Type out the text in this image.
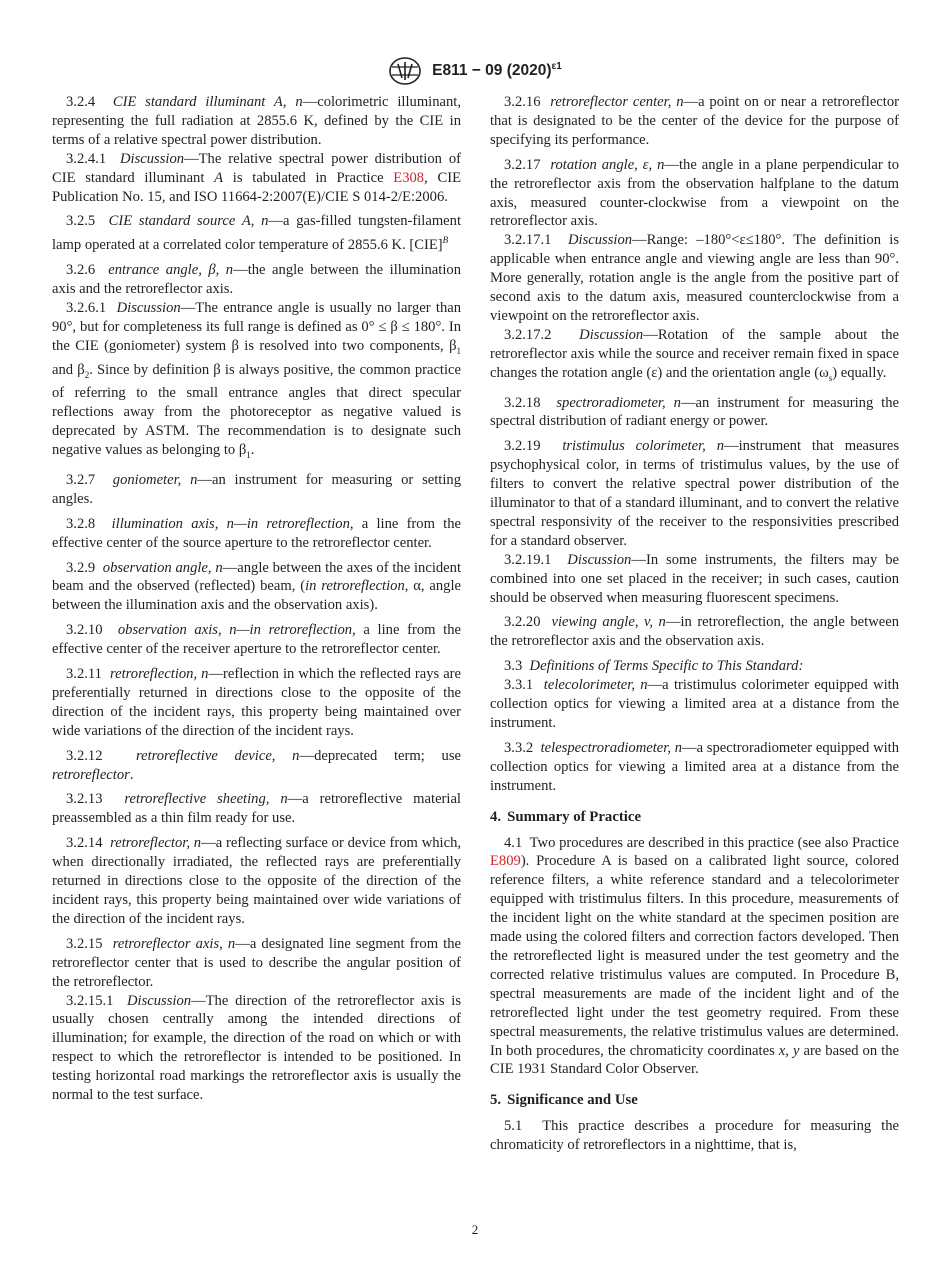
E811 − 09 $(2020)^{\varepsilon 1}$

3.2.4 CIE standard illuminant A, n—colorimetric illuminant, representing the full radiation at 2855.6 K, defined by the CIE in terms of a relative spectral power distribution.

3.2.4.1 Discussion—The relative spectral power distribution of CIE standard illuminant A is tabulated in Practice E308, CIE Publication No. 15, and ISO 11664-2:2007(E)/CIE S 014-2/E:2006.

3.2.5 CIE standard source A, n—a gas-filled tungsten-filament lamp operated at a correlated color temperature of 2855.6 K. [CIE]$^B$

3.2.6 entrance angle, β, n—the angle between the illumination axis and the retroreflector axis.

3.2.6.1 Discussion—The entrance angle is usually no larger than 90°, but for completeness its full range is defined as 0° ≤ β ≤ 180°. In the CIE (goniometer) system β is resolved into two components, $\beta_1$ and $\beta_2$. Since by definition β is always positive, the common practice of referring to the small entrance angles that direct specular reflections away from the photoreceptor as negative valued is deprecated by ASTM. The recommendation is to designate such negative values as belonging to $\beta_1$.

3.2.7 goniometer, n—an instrument for measuring or setting angles.

3.2.8 illumination axis, n—in retroreflection, a line from the effective center of the source aperture to the retroreflector center.

3.2.9 observation angle, n—angle between the axes of the incident beam and the observed (reflected) beam, (in retroreflection, α, angle between the illumination axis and the observation axis).

3.2.10 observation axis, n—in retroreflection, a line from the effective center of the receiver aperture to the retroreflector center.

3.2.11 retroreflection, n—reflection in which the reflected rays are preferentially returned in directions close to the opposite of the direction of the incident rays, this property being maintained over wide variations of the direction of the incident rays.

3.2.12 retroreflective device, n—deprecated term; use retroreflector.

3.2.13 retroreflective sheeting, n—a retroreflective material preassembled as a thin film ready for use.

3.2.14 retroreflector, n—a reflecting surface or device from which, when directionally irradiated, the reflected rays are preferentially returned in directions close to the opposite of the direction of the incident rays, this property being maintained over wide variations of the direction of the incident rays.

3.2.15 retroreflector axis, n—a designated line segment from the retroreflector center that is used to describe the angular position of the retroreflector.

3.2.15.1 Discussion—The direction of the retroreflector axis is usually chosen centrally among the intended directions of illumination; for example, the direction of the road on which or with respect to which the retroreflector is intended to be positioned. In testing horizontal road markings the retroreflector axis is usually the normal to the test surface.

3.2.16 retroreflector center, n—a point on or near a retroreflector that is designated to be the center of the device for the purpose of specifying its performance.

3.2.17 rotation angle, ε, n—the angle in a plane perpendicular to the retroreflector axis from the observation halfplane to the datum axis, measured counter-clockwise from a viewpoint on the retroreflector axis.

3.2.17.1 Discussion—Range: –180°<ε≤180°. The definition is applicable when entrance angle and viewing angle are less than 90°. More generally, rotation angle is the angle from the positive part of second axis to the datum axis, measured counterclockwise from a viewpoint on the retroreflector axis.

3.2.17.2 Discussion—Rotation of the sample about the retroreflector axis while the source and receiver remain fixed in space changes the rotation angle (ε) and the orientation angle $(\omega_s)$ equally.

3.2.18 spectroradiometer, n—an instrument for measuring the spectral distribution of radiant energy or power.

3.2.19 tristimulus colorimeter, n—instrument that measures psychophysical color, in terms of tristimulus values, by the use of filters to convert the relative spectral power distribution of the illuminator to that of a standard illuminant, and to convert the relative spectral responsivity of the receiver to the responsivities prescribed for a standard observer.

3.2.19.1 Discussion—In some instruments, the filters may be combined into one set placed in the receiver; in such cases, caution should be observed when measuring fluorescent specimens.

3.2.20 viewing angle, v, n—in retroreflection, the angle between the retroreflector axis and the observation axis.

3.3 Definitions of Terms Specific to This Standard:

3.3.1 telecolorimeter, n—a tristimulus colorimeter equipped with collection optics for viewing a limited area at a distance from the instrument.

3.3.2 telespectroradiometer, n—a spectroradiometer equipped with collection optics for viewing a limited area at a distance from the instrument.

4. Summary of Practice

4.1 Two procedures are described in this practice (see also Practice E809). Procedure A is based on a calibrated light source, colored reference filters, a white reference standard and a telecolorimeter equipped with tristimulus filters. In this procedure, measurements of the incident light on the white standard at the specimen position are made using the colored filters and correction factors developed. Then the retroreflected light is measured under the test geometry and the corrected relative tristimulus values are computed. In Procedure B, spectral measurements are made of the incident light and of the retroreflected light under the test geometry required. From these spectral measurements, the relative tristimulus values are determined. In both procedures, the chromaticity coordinates x, y are based on the CIE 1931 Standard Color Observer.

5. Significance and Use

5.1 This practice describes a procedure for measuring the chromaticity of retroreflectors in a nighttime, that is,

2
